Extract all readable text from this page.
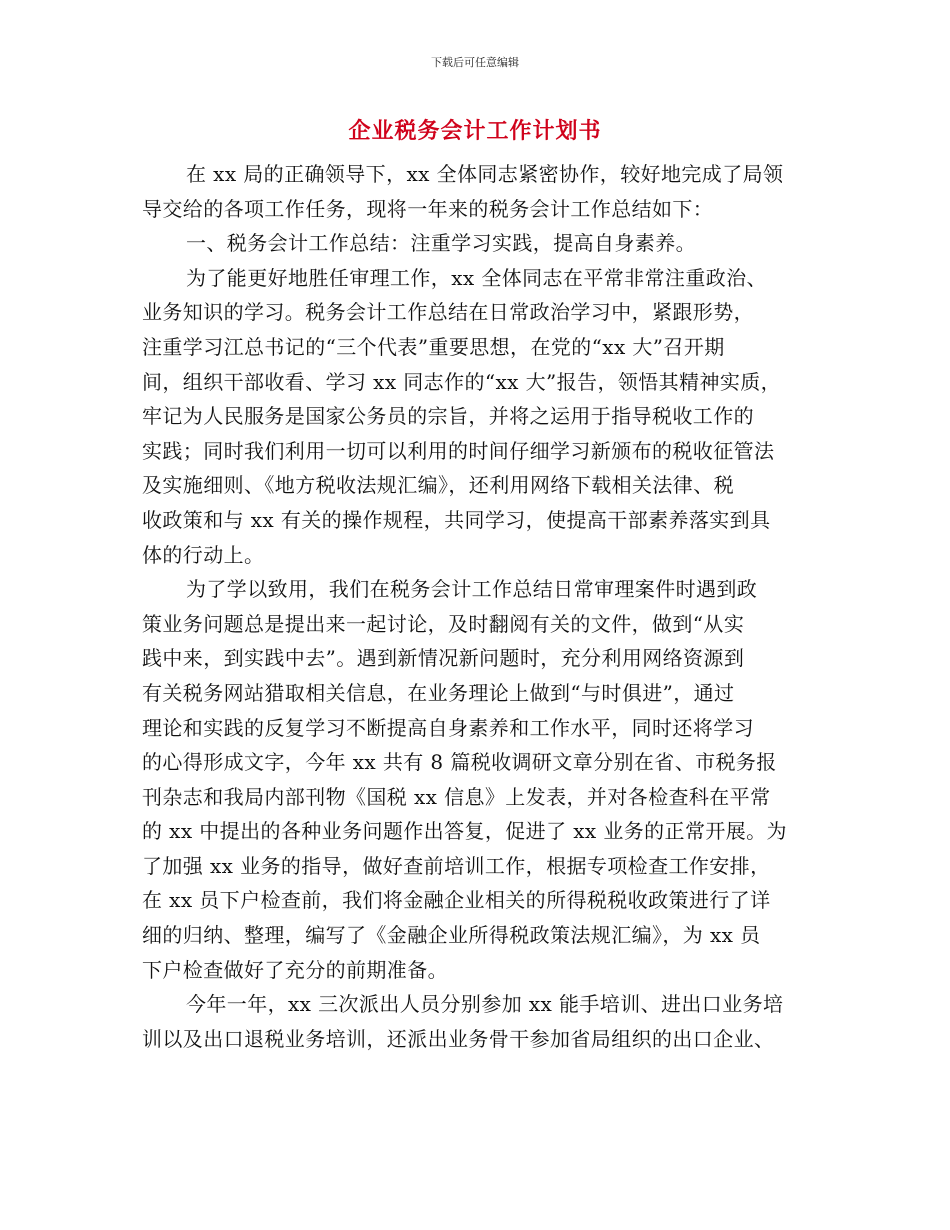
下载后可任意编辑
企业税务会计工作计划书
在 xx 局的正确领导下，xx 全体同志紧密协作，较好地完成了局领
导交给的各项工作任务，现将一年来的税务会计工作总结如下：
一、税务会计工作总结：注重学习实践，提高自身素养。
为了能更好地胜任审理工作，xx 全体同志在平常非常注重政治、
业务知识的学习。税务会计工作总结在日常政治学习中，紧跟形势，
注重学习江总书记的“三个代表”重要思想，在党的“xx 大”召开期
间，组织干部收看、学习 xx 同志作的“xx 大”报告，领悟其精神实质，
牢记为人民服务是国家公务员的宗旨，并将之运用于指导税收工作的
实践；同时我们利用一切可以利用的时间仔细学习新颁布的税收征管法
及实施细则、《地方税收法规汇编》，还利用网络下载相关法律、税
收政策和与 xx 有关的操作规程，共同学习，使提高干部素养落实到具
体的行动上。
为了学以致用，我们在税务会计工作总结日常审理案件时遇到政
策业务问题总是提出来一起讨论，及时翻阅有关的文件，做到“从实
践中来，到实践中去”。遇到新情况新问题时，充分利用网络资源到
有关税务网站猎取相关信息，在业务理论上做到“与时俱进”，通过
理论和实践的反复学习不断提高自身素养和工作水平，同时还将学习
的心得形成文字，今年 xx 共有 8 篇税收调研文章分别在省、市税务报
刊杂志和我局内部刊物《国税 xx 信息》上发表，并对各检查科在平常
的 xx 中提出的各种业务问题作出答复，促进了 xx 业务的正常开展。为
了加强 xx 业务的指导，做好查前培训工作，根据专项检查工作安排，
在 xx 员下户检查前，我们将金融企业相关的所得税税收政策进行了详
细的归纳、整理，编写了《金融企业所得税政策法规汇编》，为 xx 员
下户检查做好了充分的前期准备。
今年一年，xx 三次派出人员分别参加 xx 能手培训、进出口业务培
训以及出口退税业务培训，还派出业务骨干参加省局组织的出口企业、
